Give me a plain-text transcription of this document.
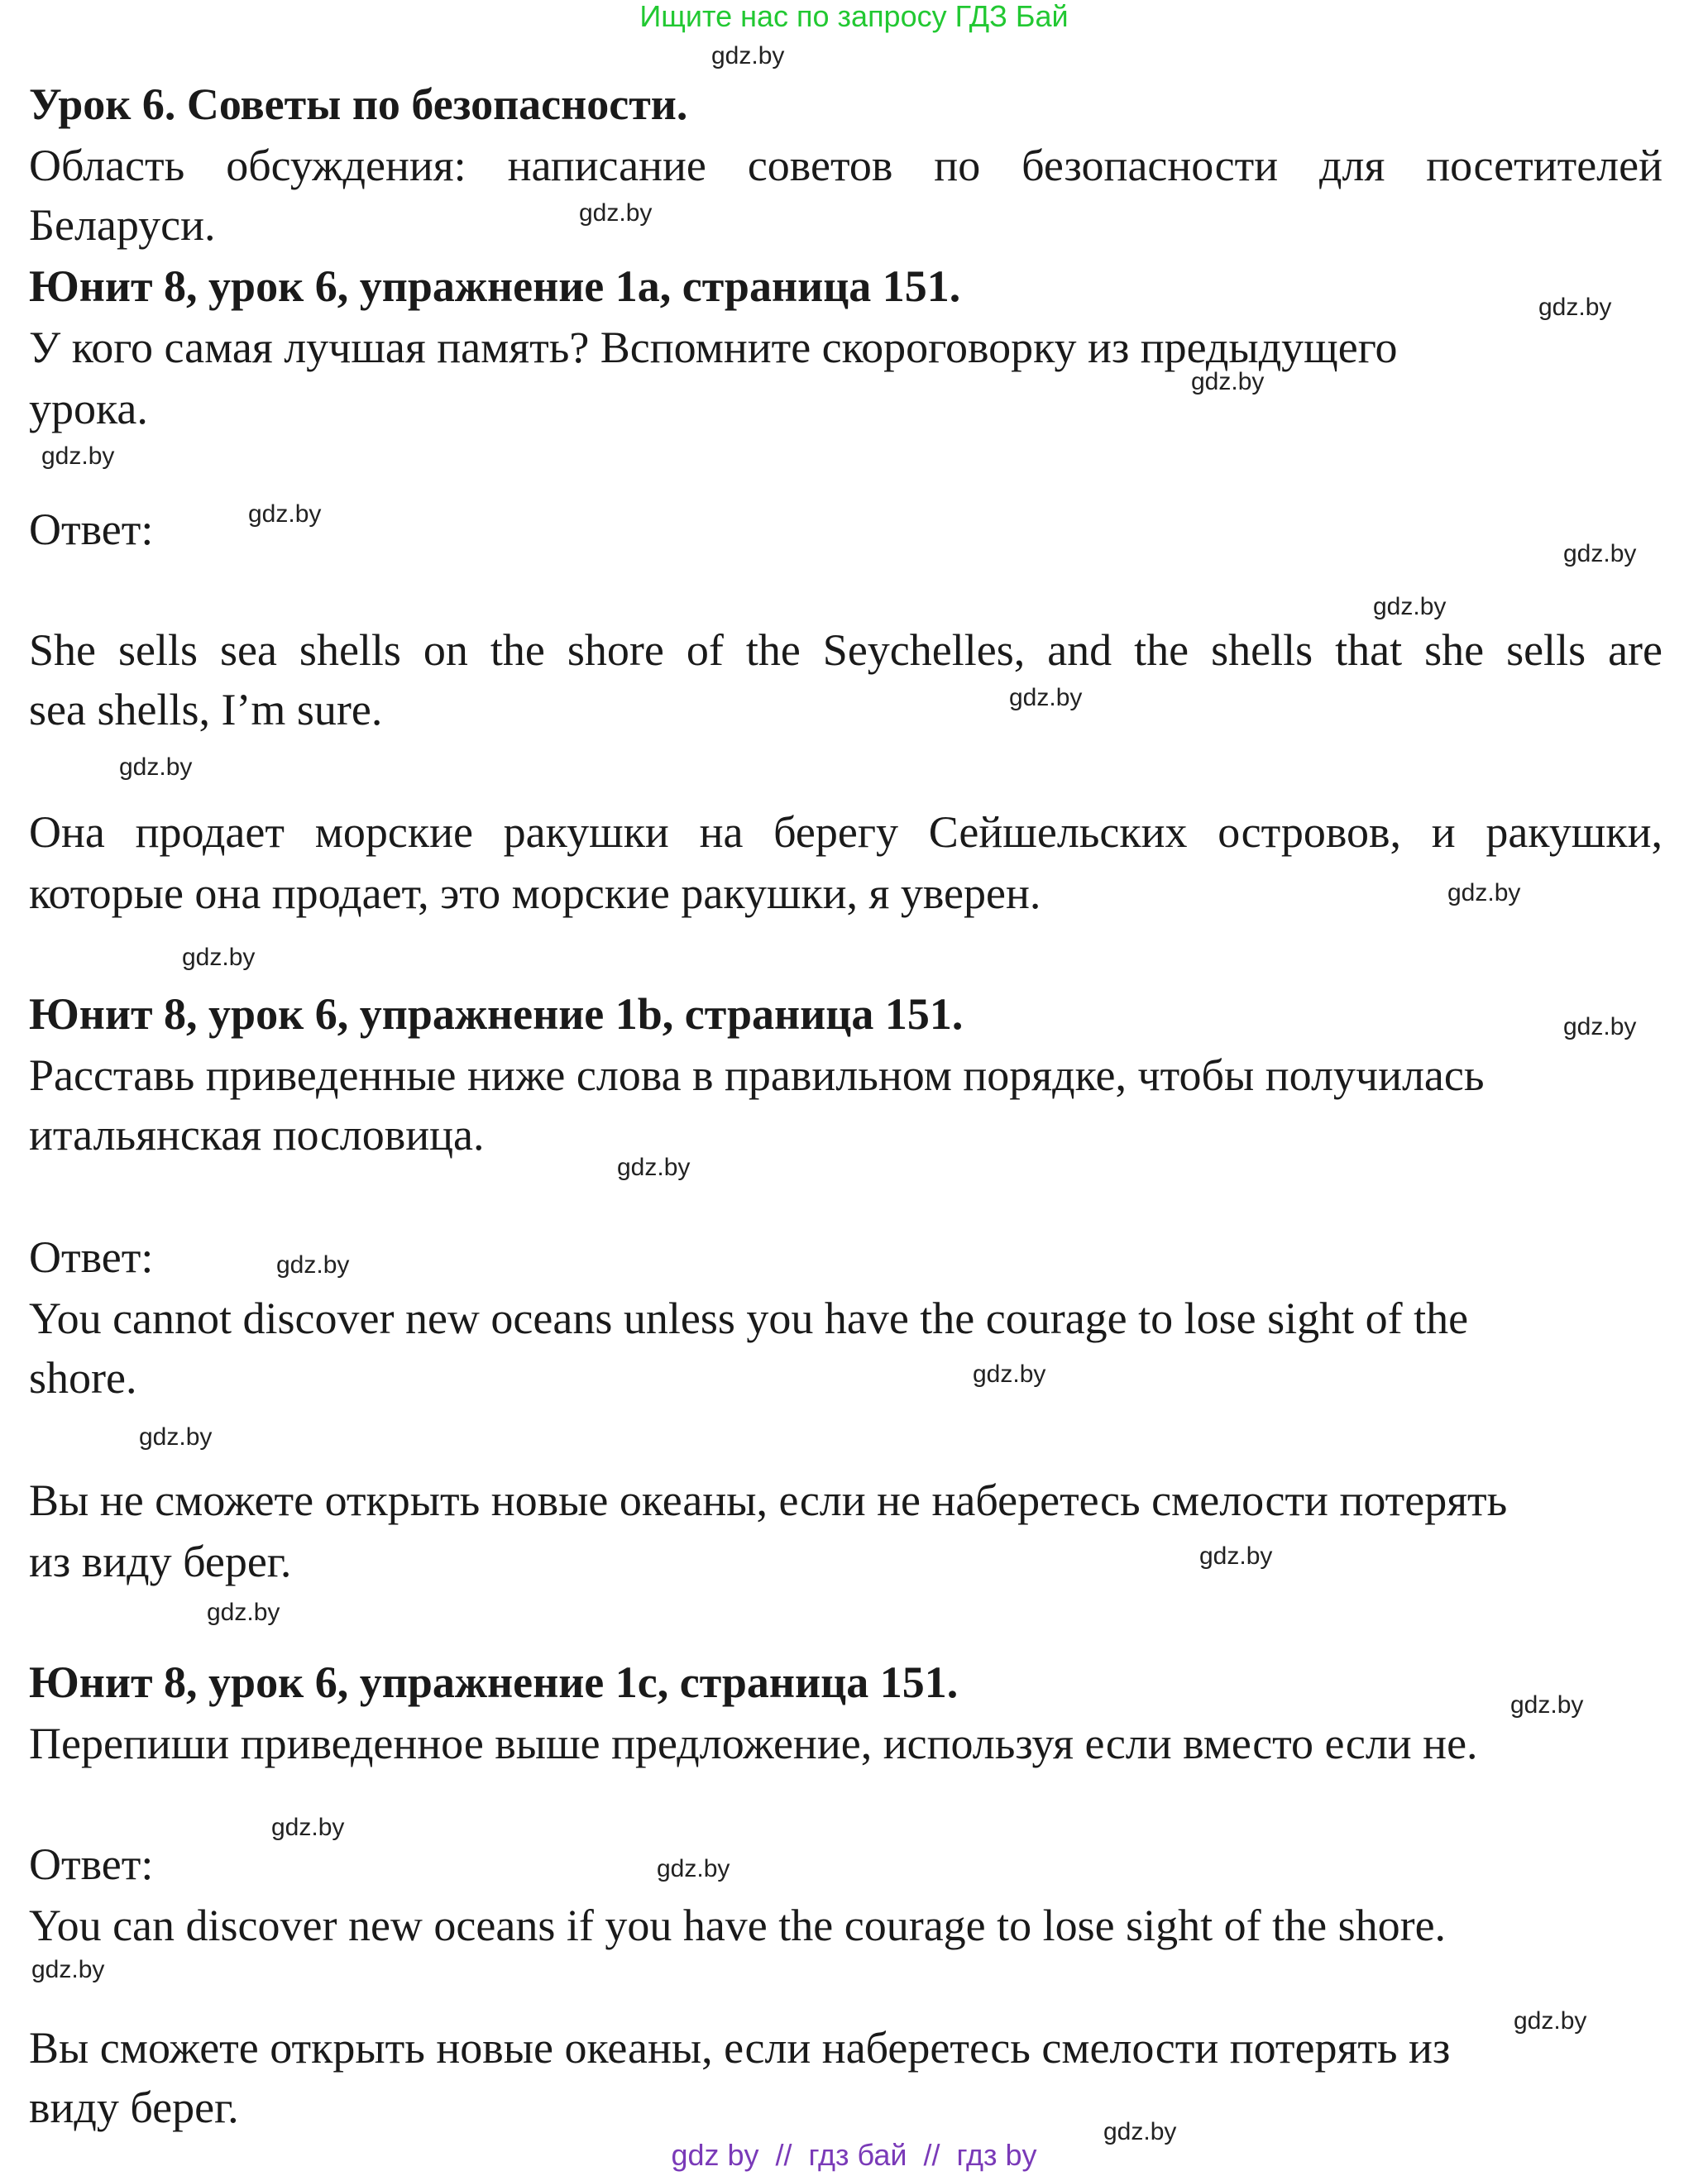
Ищите нас по запросу ГДЗ Бай
Урок 6. Советы по безопасности.
Область обсуждения: написание советов по безопасности для посетителей
Беларуси.
Юнит 8, урок 6, упражнение 1a, страница 151.
У кого самая лучшая память? Вспомните скороговорку из предыдущего
урока.
Ответ:
She sells sea shells on the shore of the Seychelles, and the shells that she sells are
sea shells, I’m sure.
Она продает морские ракушки на берегу Сейшельских островов, и ракушки,
которые она продает, это морские ракушки, я уверен.
Юнит 8, урок 6, упражнение 1b, страница 151.
Расставь приведенные ниже слова в правильном порядке, чтобы получилась
итальянская пословица.
Ответ:
You cannot discover new oceans unless you have the courage to lose sight of the
shore.
Вы не сможете открыть новые океаны, если не наберетесь смелости потерять
из виду берег.
Юнит 8, урок 6, упражнение 1c, страница 151.
Перепиши приведенное выше предложение, используя если вместо если не.
Ответ:
You can discover new oceans if you have the courage to lose sight of the shore.
Вы сможете открыть новые океаны, если наберетесь смелости потерять из
виду берег.
gdz.by
gdz.by
gdz.by
gdz.by
gdz.by
gdz.by
gdz.by
gdz.by
gdz.by
gdz.by
gdz.by
gdz.by
gdz.by
gdz.by
gdz.by
gdz.by
gdz.by
gdz.by
gdz.by
gdz.by
gdz.by
gdz.by
gdz.by
gdz.by
gdz.by
gdz by  //  гдз бай  //  гдз by
